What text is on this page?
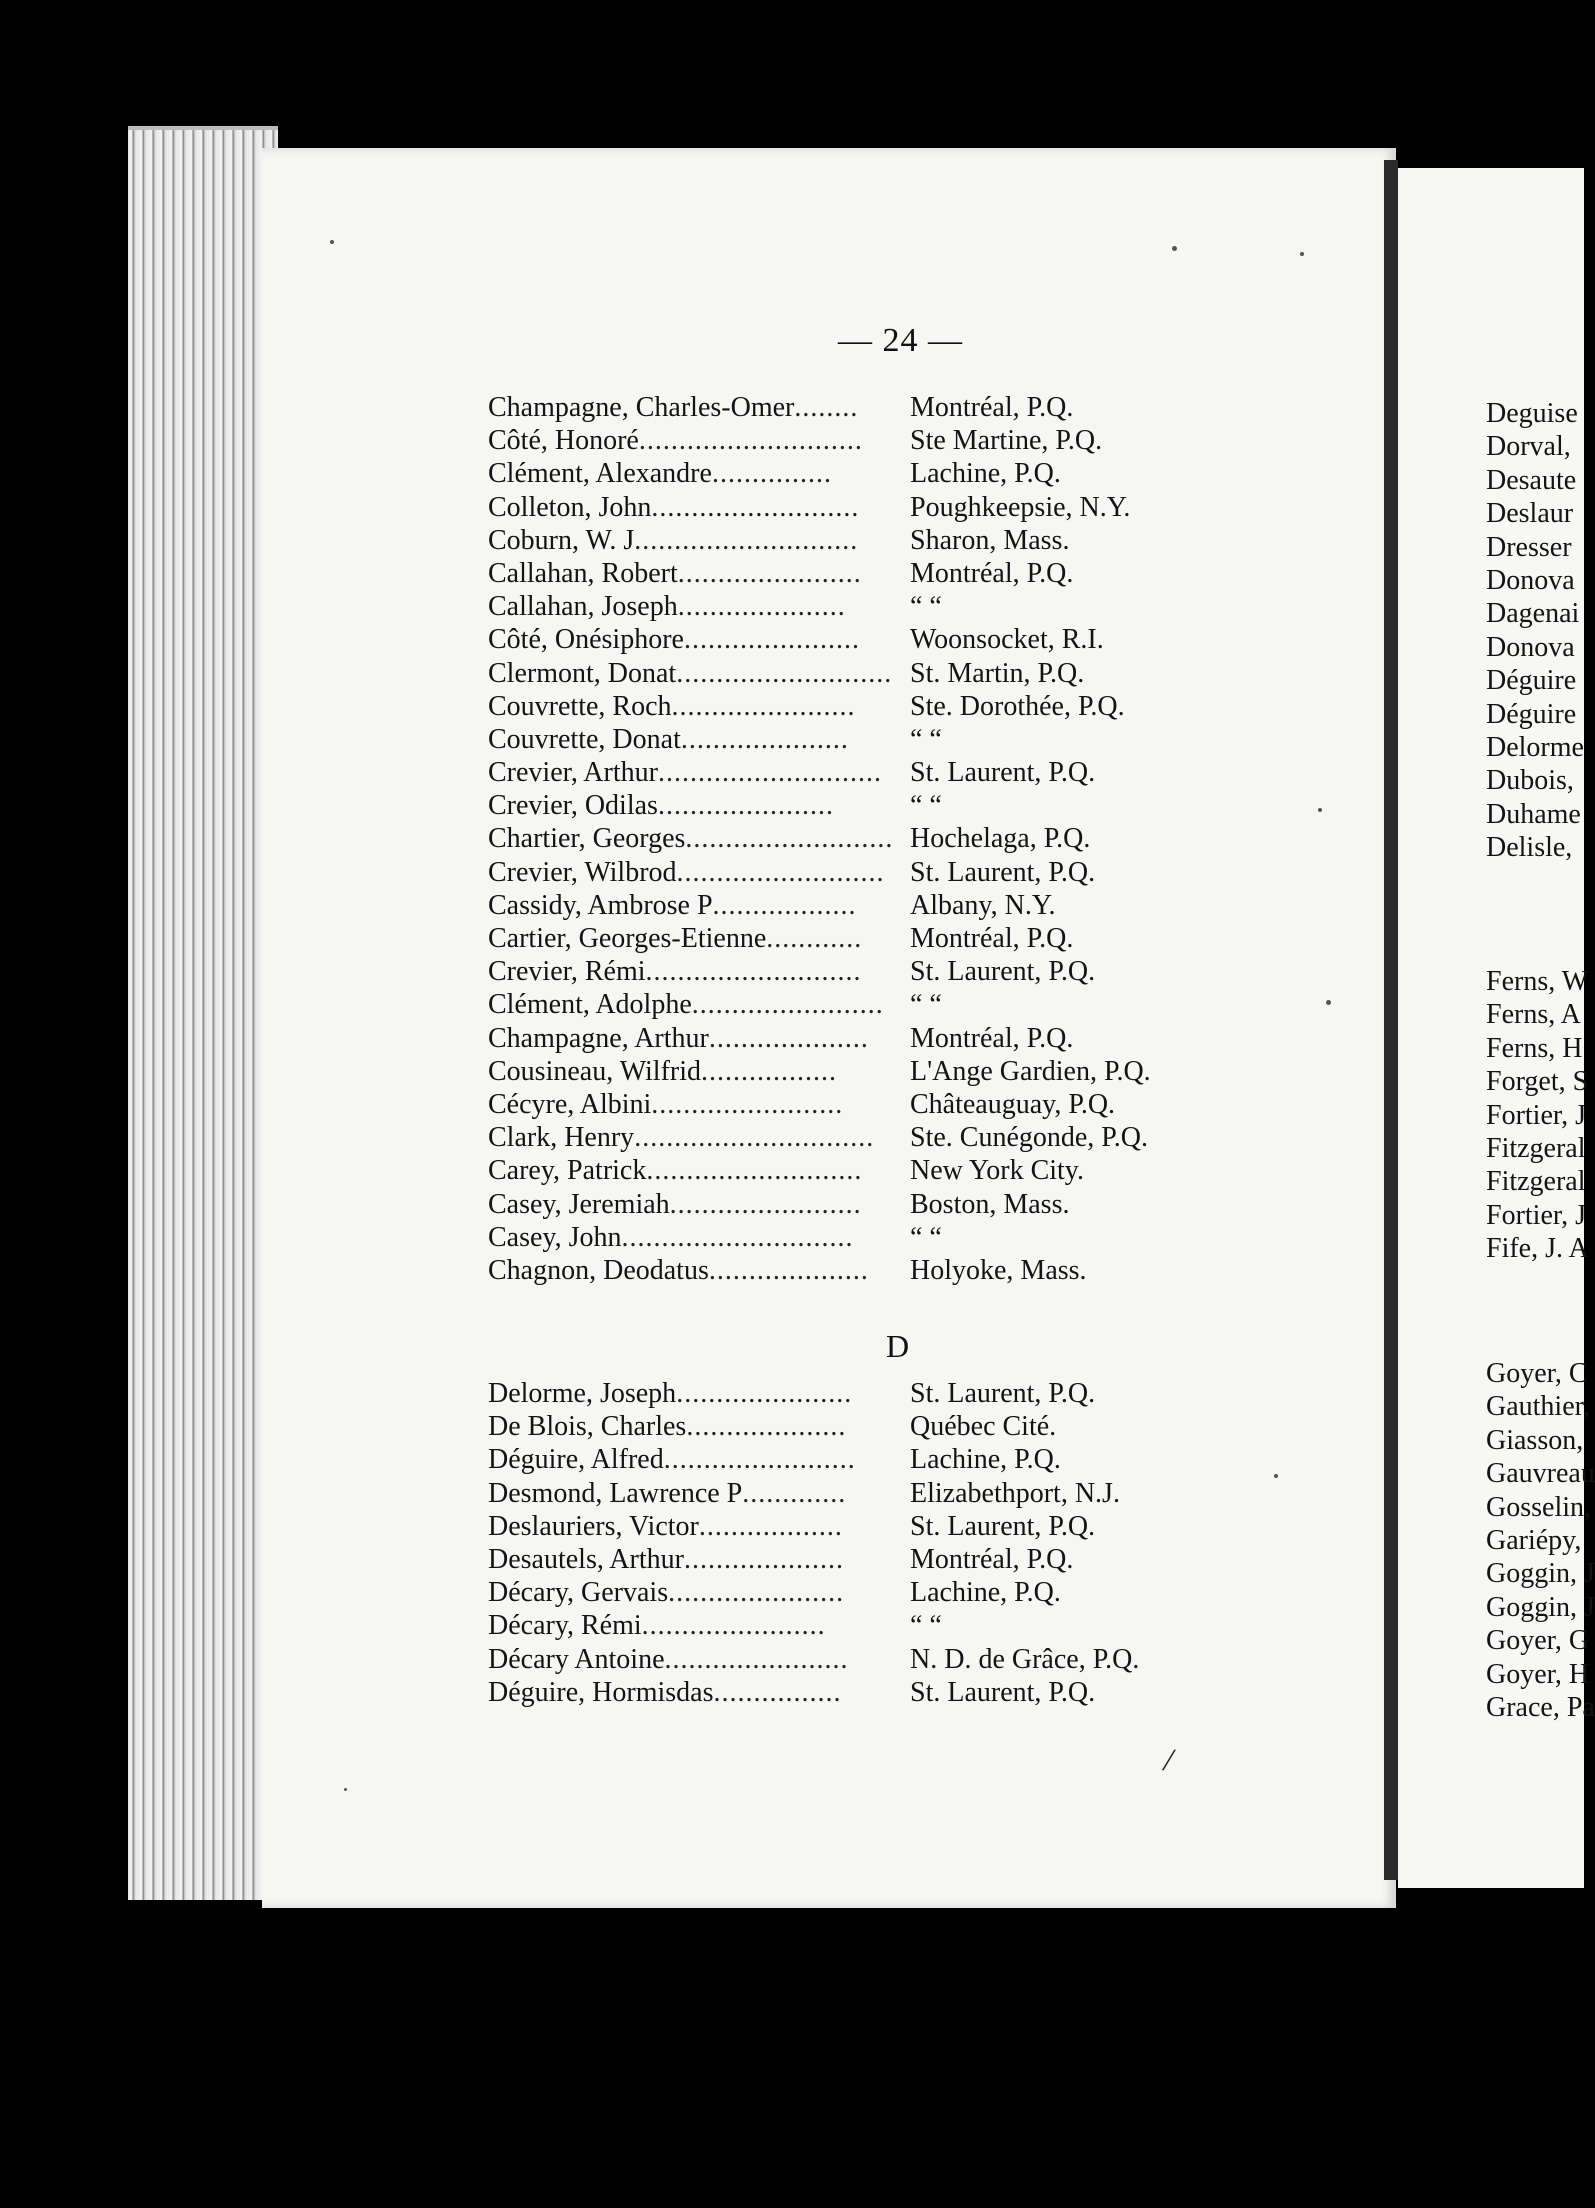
— 24 —
Champagne, Charles-Omer ........	Montréal, P.Q.
Côté, Honoré ............................	Ste Martine, P.Q.
Clément, Alexandre ...............	Lachine, P.Q.
Colleton, John ..........................	Poughkeepsie, N.Y.
Coburn, W. J ............................	Sharon, Mass.
Callahan, Robert .......................	Montréal, P.Q.
Callahan, Joseph .....................	“ “
Côté, Onésiphore ......................	Woonsocket, R.I.
Clermont, Donat ........................... St. Martin, P.Q.
Couvrette, Roch .......................	Ste. Dorothée, P.Q.
Couvrette, Donat .....................	“ “
Crevier, Arthur ............................	St. Laurent, P.Q.
Crevier, Odilas ......................	“ “
Chartier, Georges .......................... Hochelaga, P.Q.
Crevier, Wilbrod .......................... St. Laurent, P.Q.
Cassidy, Ambrose P ..................	Albany, N.Y.
Cartier, Georges-Etienne ............	Montréal, P.Q.
Crevier, Rémi ...........................	St. Laurent, P.Q.
Clément, Adolphe ........................ “ “
Champagne, Arthur ....................	Montréal, P.Q.
Cousineau, Wilfrid .................	L'Ange Gardien, P.Q.
Cécyre, Albini ........................	Châteauguay, P.Q.
Clark, Henry ..............................	Ste. Cunégonde, P.Q.
Carey, Patrick ...........................	New York City.
Casey, Jeremiah ........................	Boston, Mass.
Casey, John .............................	“ “
Chagnon, Deodatus ....................	Holyoke, Mass.
D
Delorme, Joseph ......................	St. Laurent, P.Q.
De Blois, Charles ....................	Québec Cité.
Déguire, Alfred ........................	Lachine, P.Q.
Desmond, Lawrence P .............	Elizabethport, N.J.
Deslauriers, Victor ..................	St. Laurent, P.Q.
Desautels, Arthur ....................	Montréal, P.Q.
Décary, Gervais ......................	Lachine, P.Q.
Décary, Rémi .......................	“ “
Décary Antoine .......................	N. D. de Grâce, P.Q.
Déguire, Hormisdas ................	St. Laurent, P.Q.
Deguise
Dorval,
Desaute
Deslaur
Dresser
Donova
Dagenai
Donova
Déguire
Déguire
Delorme
Dubois,
Duhame
Delisle,
Ferns, W
Ferns, A
Ferns, H
Forget, S
Fortier, J
Fitzgeral
Fitzgeral
Fortier, J
Fife, J. A
Goyer, C
Gauthier,
Giasson,
Gauvreau
Gosselin,
Gariépy,
Goggin, J
Goggin, J
Goyer, G
Goyer, H
Grace, Pa
/
